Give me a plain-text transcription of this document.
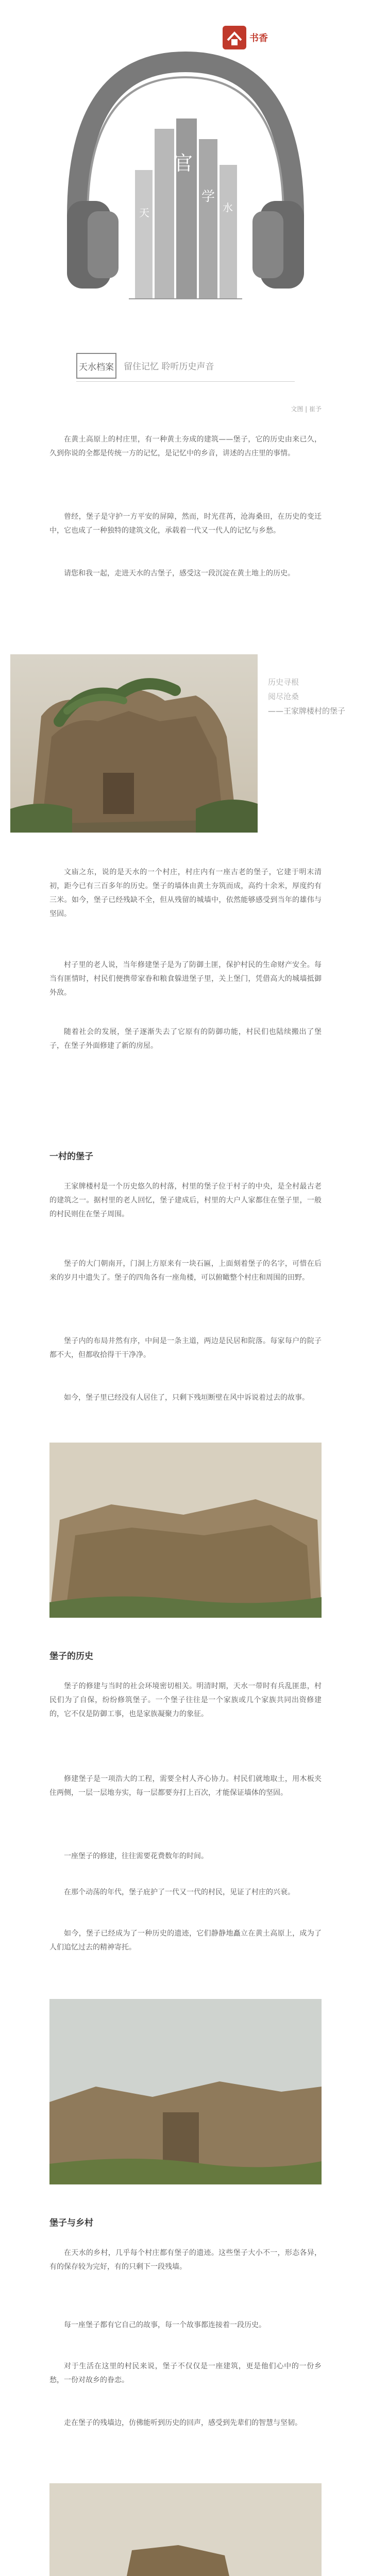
官
学
天	水
书香
天水档案 留住记忆 聆听历史声音
文图 | 崔予

在黄土高原上的村庄里，有一种黄土夯成的建筑——堡子，它的历史由来已久，久到你说的全都是传统一方的记忆，是记忆中的乡音，讲述的古庄里的事情。

曾经，堡子是守护一方平安的屏障，然而，时光荏苒，沧海桑田，在历史的变迁中，它也成了一种独特的建筑文化，承载着一代又一代人的记忆与乡愁。

请您和我一起，走进天水的古堡子，感受这一段沉淀在黄土地上的历史。

历史寻根
阅尽沧桑
——王家牌楼村的堡子

文庙之东，说的是天水的一个村庄，村庄内有一座古老的堡子，它建于明末清初，距今已有三百多年的历史。堡子的墙体由黄土夯筑而成，高约十余米，厚度约有三米。如今，堡子已经残缺不全，但从残留的城墙中，依然能够感受到当年的雄伟与坚固。

村子里的老人说，当年修建堡子是为了防御土匪，保护村民的生命财产安全。每当有匪情时，村民们便携带家眷和粮食躲进堡子里，关上堡门，凭借高大的城墙抵御外敌。

随着社会的发展，堡子逐渐失去了它原有的防御功能，村民们也陆续搬出了堡子，在堡子外面修建了新的房屋。

一村的堡子

王家牌楼村是一个历史悠久的村落，村里的堡子位于村子的中央，是全村最古老的建筑之一。据村里的老人回忆，堡子建成后，村里的大户人家都住在堡子里，一般的村民则住在堡子周围。

堡子的大门朝南开，门洞上方原来有一块石匾，上面刻着堡子的名字，可惜在后来的岁月中遗失了。堡子的四角各有一座角楼，可以俯瞰整个村庄和周围的田野。

堡子内的布局井然有序，中间是一条主道，两边是民居和院落。每家每户的院子都不大，但都收拾得干干净净。

如今，堡子里已经没有人居住了，只剩下残垣断壁在风中诉说着过去的故事。

堡子的历史

堡子的修建与当时的社会环境密切相关。明清时期，天水一带时有兵乱匪患，村民们为了自保，纷纷修筑堡子。一个堡子往往是一个家族或几个家族共同出资修建的，它不仅是防御工事，也是家族凝聚力的象征。

修建堡子是一项浩大的工程，需要全村人齐心协力。村民们就地取土，用木板夹住两侧，一层一层地夯实，每一层都要夯打上百次，才能保证墙体的坚固。

一座堡子的修建，往往需要花费数年的时间。

在那个动荡的年代，堡子庇护了一代又一代的村民，见证了村庄的兴衰。

如今，堡子已经成为了一种历史的遗迹，它们静静地矗立在黄土高原上，成为了人们追忆过去的精神寄托。

堡子与乡村

在天水的乡村，几乎每个村庄都有堡子的遗迹。这些堡子大小不一，形态各异，有的保存较为完好，有的只剩下一段残墙。

每一座堡子都有它自己的故事，每一个故事都连接着一段历史。

对于生活在这里的村民来说，堡子不仅仅是一座建筑，更是他们心中的一份乡愁，一份对故乡的眷恋。

走在堡子的残墙边，仿佛能听到历史的回声，感受到先辈们的智慧与坚韧。
